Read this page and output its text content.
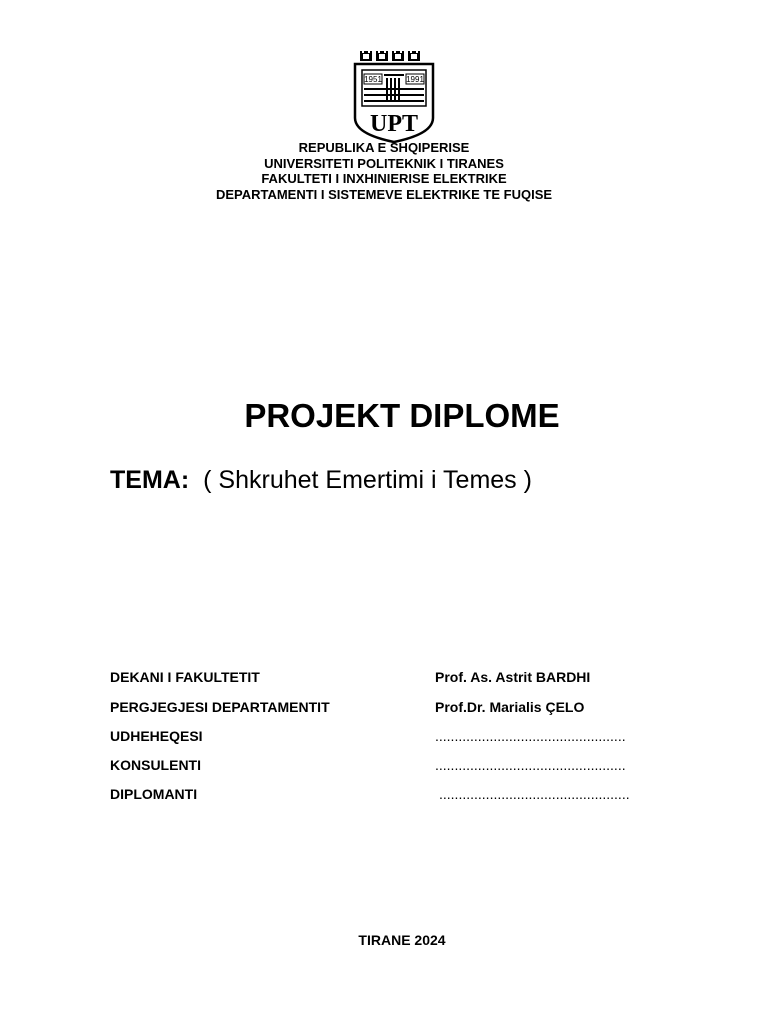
1951	1991
UPT
REPUBLIKA E SHQIPERISE
UNIVERSITETI POLITEKNIK I TIRANES
FAKULTETI I INXHINIERISE ELEKTRIKE
DEPARTAMENTI I SISTEMEVE ELEKTRIKE TE FUQISE
PROJEKT DIPLOME
TEMA: ( Shkruhet Emertimi i Temes )
DEKANI I FAKULTETIT	Prof. As. Astrit BARDHI
PERGJEGJESI DEPARTAMENTIT	Prof.Dr. Marialis ÇELO
UDHEHEQESI	.................................................
KONSULENTI	.................................................
DIPLOMANTI	.................................................
TIRANE 2024
